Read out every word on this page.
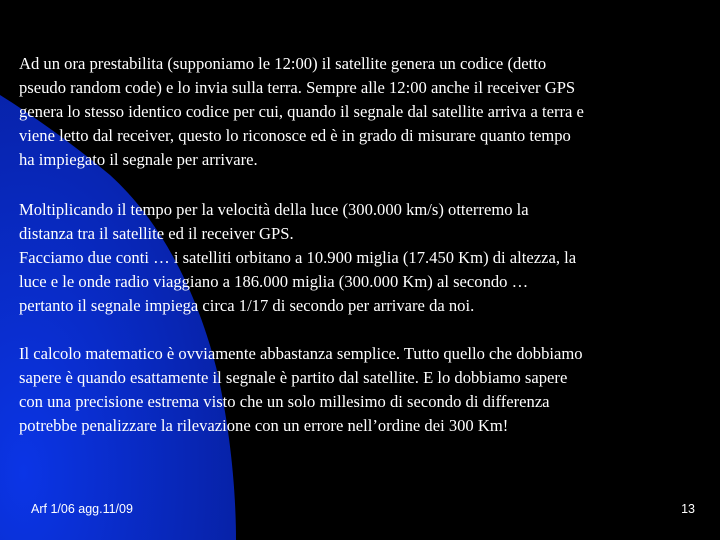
Ad un ora prestabilita (supponiamo le 12:00) il satellite genera un codice (detto
pseudo random code) e lo invia sulla terra. Sempre alle 12:00 anche il receiver GPS
genera lo stesso identico codice per cui, quando il segnale dal satellite arriva a terra e
viene letto dal receiver, questo lo riconosce ed è in grado di misurare quanto tempo
ha impiegato il segnale per arrivare.
Moltiplicando il tempo per la velocità della luce (300.000 km/s) otterremo la
distanza tra il satellite ed il receiver GPS.
Facciamo due conti … i satelliti orbitano a 10.900 miglia (17.450 Km) di altezza, la
luce e le onde radio viaggiano a 186.000 miglia (300.000 Km) al secondo …
pertanto il segnale impiega circa 1/17 di secondo per arrivare da noi.
Il calcolo matematico è ovviamente abbastanza semplice. Tutto quello che dobbiamo
sapere è quando esattamente il segnale è partito dal satellite. E lo dobbiamo sapere
con una precisione estrema visto che un solo millesimo di secondo di differenza
potrebbe penalizzare la rilevazione con un errore nell’ordine dei 300 Km!
Arf 1/06 agg.11/09	13
